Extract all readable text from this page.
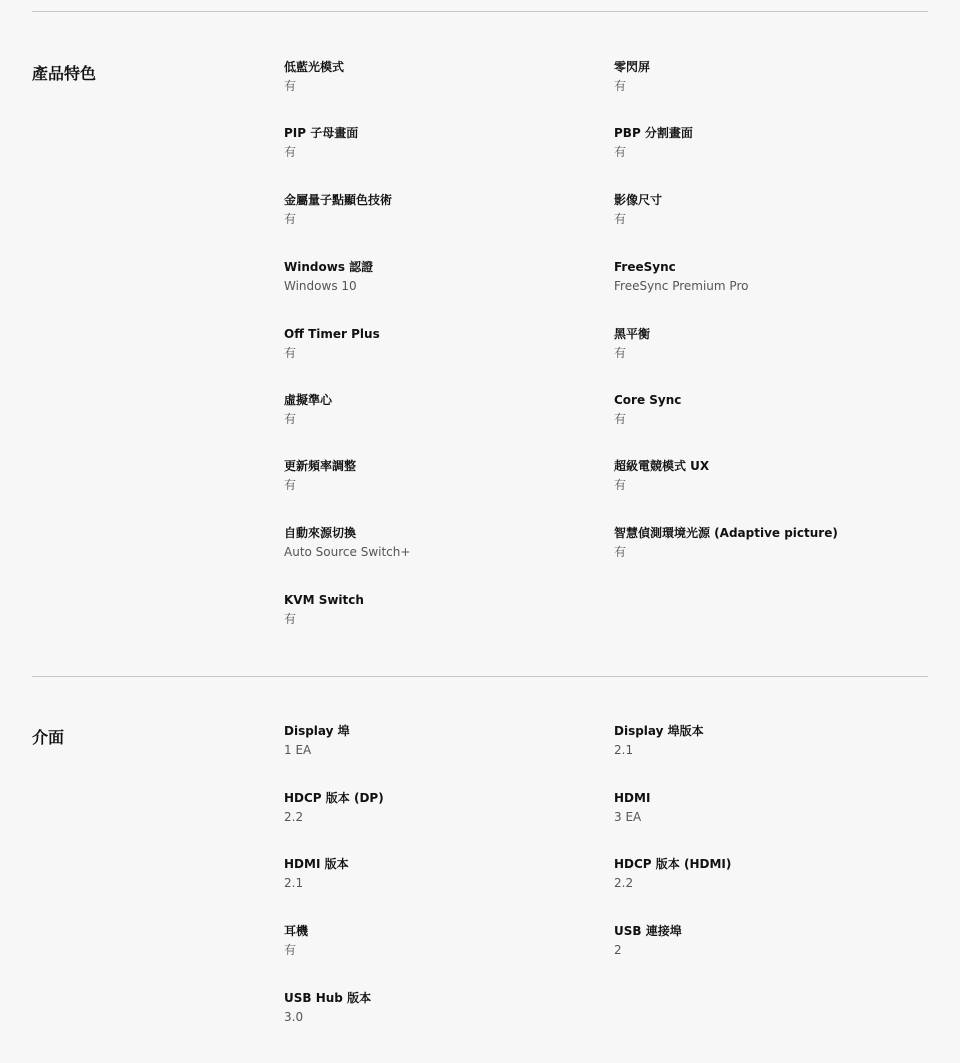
產品特色	低藍光模式
有
零閃屏
有
PIP 子母畫面
有
PBP 分割畫面
有
金屬量子點顯色技術
有
影像尺寸
有
Windows 認證
Windows 10
FreeSync
FreeSync Premium Pro
Off Timer Plus
有
黑平衡
有
虛擬準心
有
Core Sync
有
更新頻率調整
有
超級電競模式 UX
有
自動來源切換
Auto Source Switch+
智慧偵測環境光源 (Adaptive picture)
有
KVM Switch
有
介面	Display 埠
1 EA
Display 埠版本
2.1
HDCP 版本 (DP)
2.2
HDMI
3 EA
HDMI 版本
2.1
HDCP 版本 (HDMI)
2.2
耳機
有
USB 連接埠
2
USB Hub 版本
3.0
